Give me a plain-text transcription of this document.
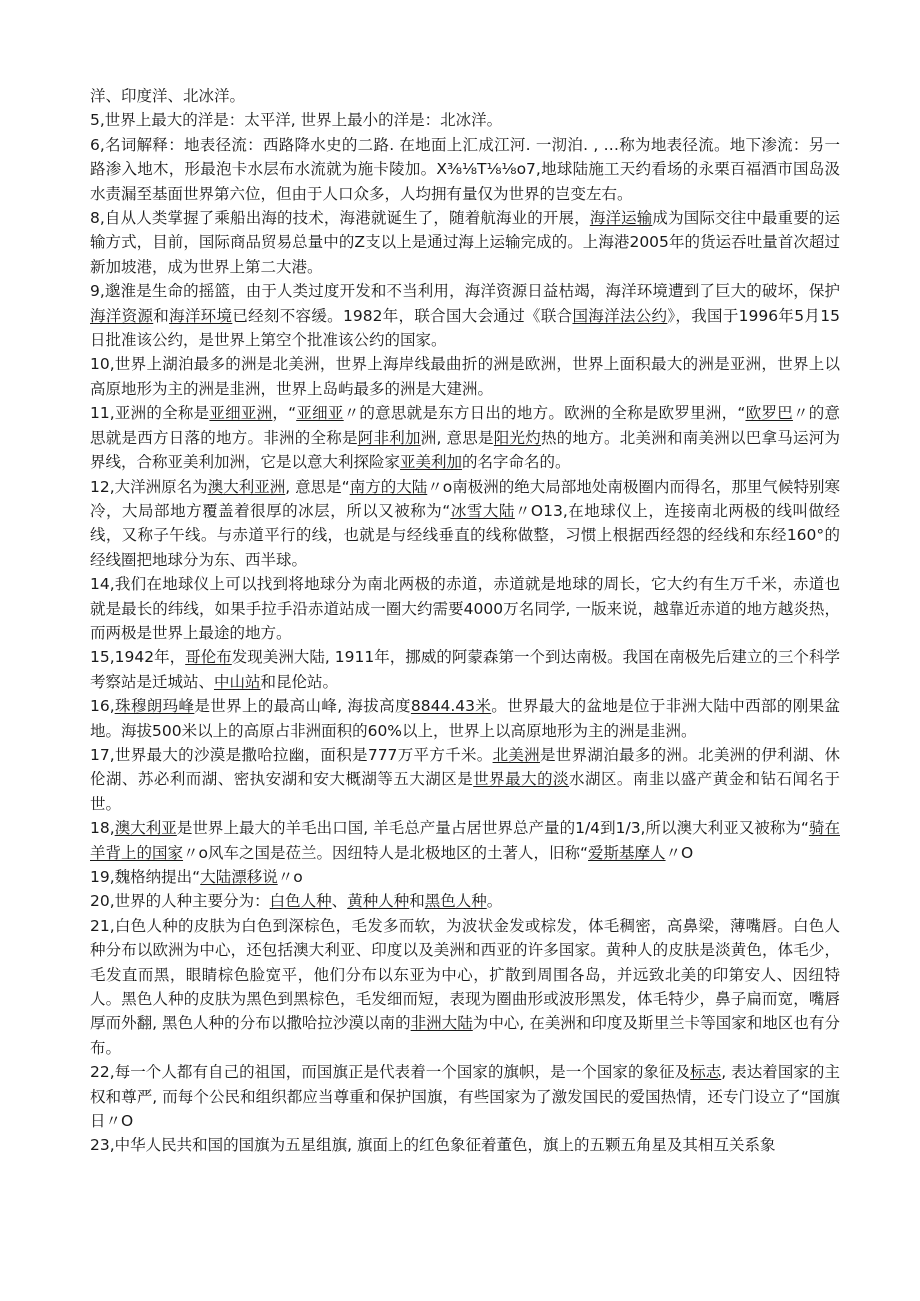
洋、印度洋、北冰洋。

5,世界上最大的洋是：太平洋, 世界上最小的洋是：北冰洋。

6,名词解释：地表径流：西路降水史的二路. 在地面上汇成江河. 一沏泊. , …称为地表径流。地下渗流：另一路渗入地木，形最泡卡水层布水流就为施卡陵加。X⅜⅛T⅛⅛o7,地球陆施工天约看场的永栗百福酒市国岛汲水责漏至基面世界第六位，但由于人口众多，人均拥有量仅为世界的岂变左右。

8,自从人类掌握了乘船出海的技术，海港就诞生了，随着航海业的开展，海洋运输成为国际交往中最重要的运输方式，目前，国际商品贸易总量中的Z支以上是通过海上运输完成的。上海港2005年的货运吞吐量首次超过新加坡港，成为世界上第二大港。

9,邈淮是生命的摇篮，由于人类过度开发和不当利用，海洋资源日益枯竭，海洋环境遭到了巨大的破坏，保护海洋资源和海洋环境已经刻不容缓。1982年，联合国大会通过《联合国海洋法公约》，我国于1996年5月15日批准该公约，是世界上第空个批准该公约的国家。

10,世界上湖泊最多的洲是北美洲，世界上海岸线最曲折的洲是欧洲，世界上面积最大的洲是亚洲，世界上以高原地形为主的洲是韭洲，世界上岛屿最多的洲是大建洲。

11,亚洲的全称是亚细亚洲，“亚细亚〃的意思就是东方日出的地方。欧洲的全称是欧罗里洲，“欧罗巴〃的意思就是西方日落的地方。非洲的全称是阿非利加洲, 意思是阳光灼热的地方。北美洲和南美洲以巴拿马运河为界线，合称亚美利加洲，它是以意大利探险家亚美利加的名字命名的。

12,大洋洲原名为澳大利亚洲, 意思是“南方的大陆〃o南极洲的绝大局部地处南极圈内而得名，那里气候特别寒冷，大局部地方覆盖着很厚的冰层，所以又被称为“冰雪大陆〃O13,在地球仪上，连接南北两极的线叫做经线，又称子午线。与赤道平行的线，也就是与经线垂直的线称做整，习惯上根据西经怨的经线和东经160°的经线圈把地球分为东、西半球。

14,我们在地球仪上可以找到将地球分为南北两极的赤道，赤道就是地球的周长，它大约有生万千米，赤道也就是最长的纬线，如果手拉手沿赤道站成一圈大约需要4000万名同学, 一版来说，越靠近赤道的地方越炎热，而两极是世界上最途的地方。

15,1942年，哥伦布发现美洲大陆, 1911年，挪威的阿蒙森第一个到达南极。我国在南极先后建立的三个科学考察站是迁城站、中山站和昆伦站。

16,珠穆朗玛峰是世界上的最高山峰, 海拔高度8844.43米。世界最大的盆地是位于非洲大陆中西部的刚果盆地。海拔500米以上的高原占非洲面积的60%以上，世界上以高原地形为主的洲是韭洲。

17,世界最大的沙漠是撒哈拉幽，面积是777万平方千米。北美洲是世界湖泊最多的洲。北美洲的伊利湖、休伦湖、苏必利而湖、密执安湖和安大概湖等五大湖区是世界最大的淡水湖区。南韭以盛产黄金和钻石闻名于世。

18,澳大利亚是世界上最大的羊毛出口国, 羊毛总产量占居世界总产量的1/4到1/3,所以澳大利亚又被称为“骑在羊背上的国家〃o风车之国是莅兰。因纽特人是北极地区的土著人，旧称“爱斯基摩人〃O

19,魏格纳提出“大陆漂移说〃o

20,世界的人种主要分为：白色人种、黄种人种和黑色人种。

21,白色人种的皮肤为白色到深棕色，毛发多而软，为波状金发或棕发，体毛稠密，高鼻梁，薄嘴唇。白色人种分布以欧洲为中心，还包括澳大利亚、印度以及美洲和西亚的许多国家。黄种人的皮肤是淡黄色，体毛少，毛发直而黑，眼睛棕色脸宽平，他们分布以东亚为中心，扩散到周围各岛，并远致北美的印第安人、因纽特人。黑色人种的皮肤为黑色到黑棕色，毛发细而短，表现为圈曲形或波形黑发，体毛特少，鼻子扁而宽，嘴唇厚而外翻, 黑色人种的分布以撒哈拉沙漠以南的非洲大陆为中心, 在美洲和印度及斯里兰卡等国家和地区也有分布。

22,每一个人都有自己的祖国，而国旗正是代表着一个国家的旗帜，是一个国家的象征及标志, 表达着国家的主权和尊严, 而每个公民和组织都应当尊重和保护国旗，有些国家为了激发国民的爱国热情，还专门设立了“国旗日〃O

23,中华人民共和国的国旗为五星组旗, 旗面上的红色象征着董色，旗上的五颗五角星及其相互关系象
